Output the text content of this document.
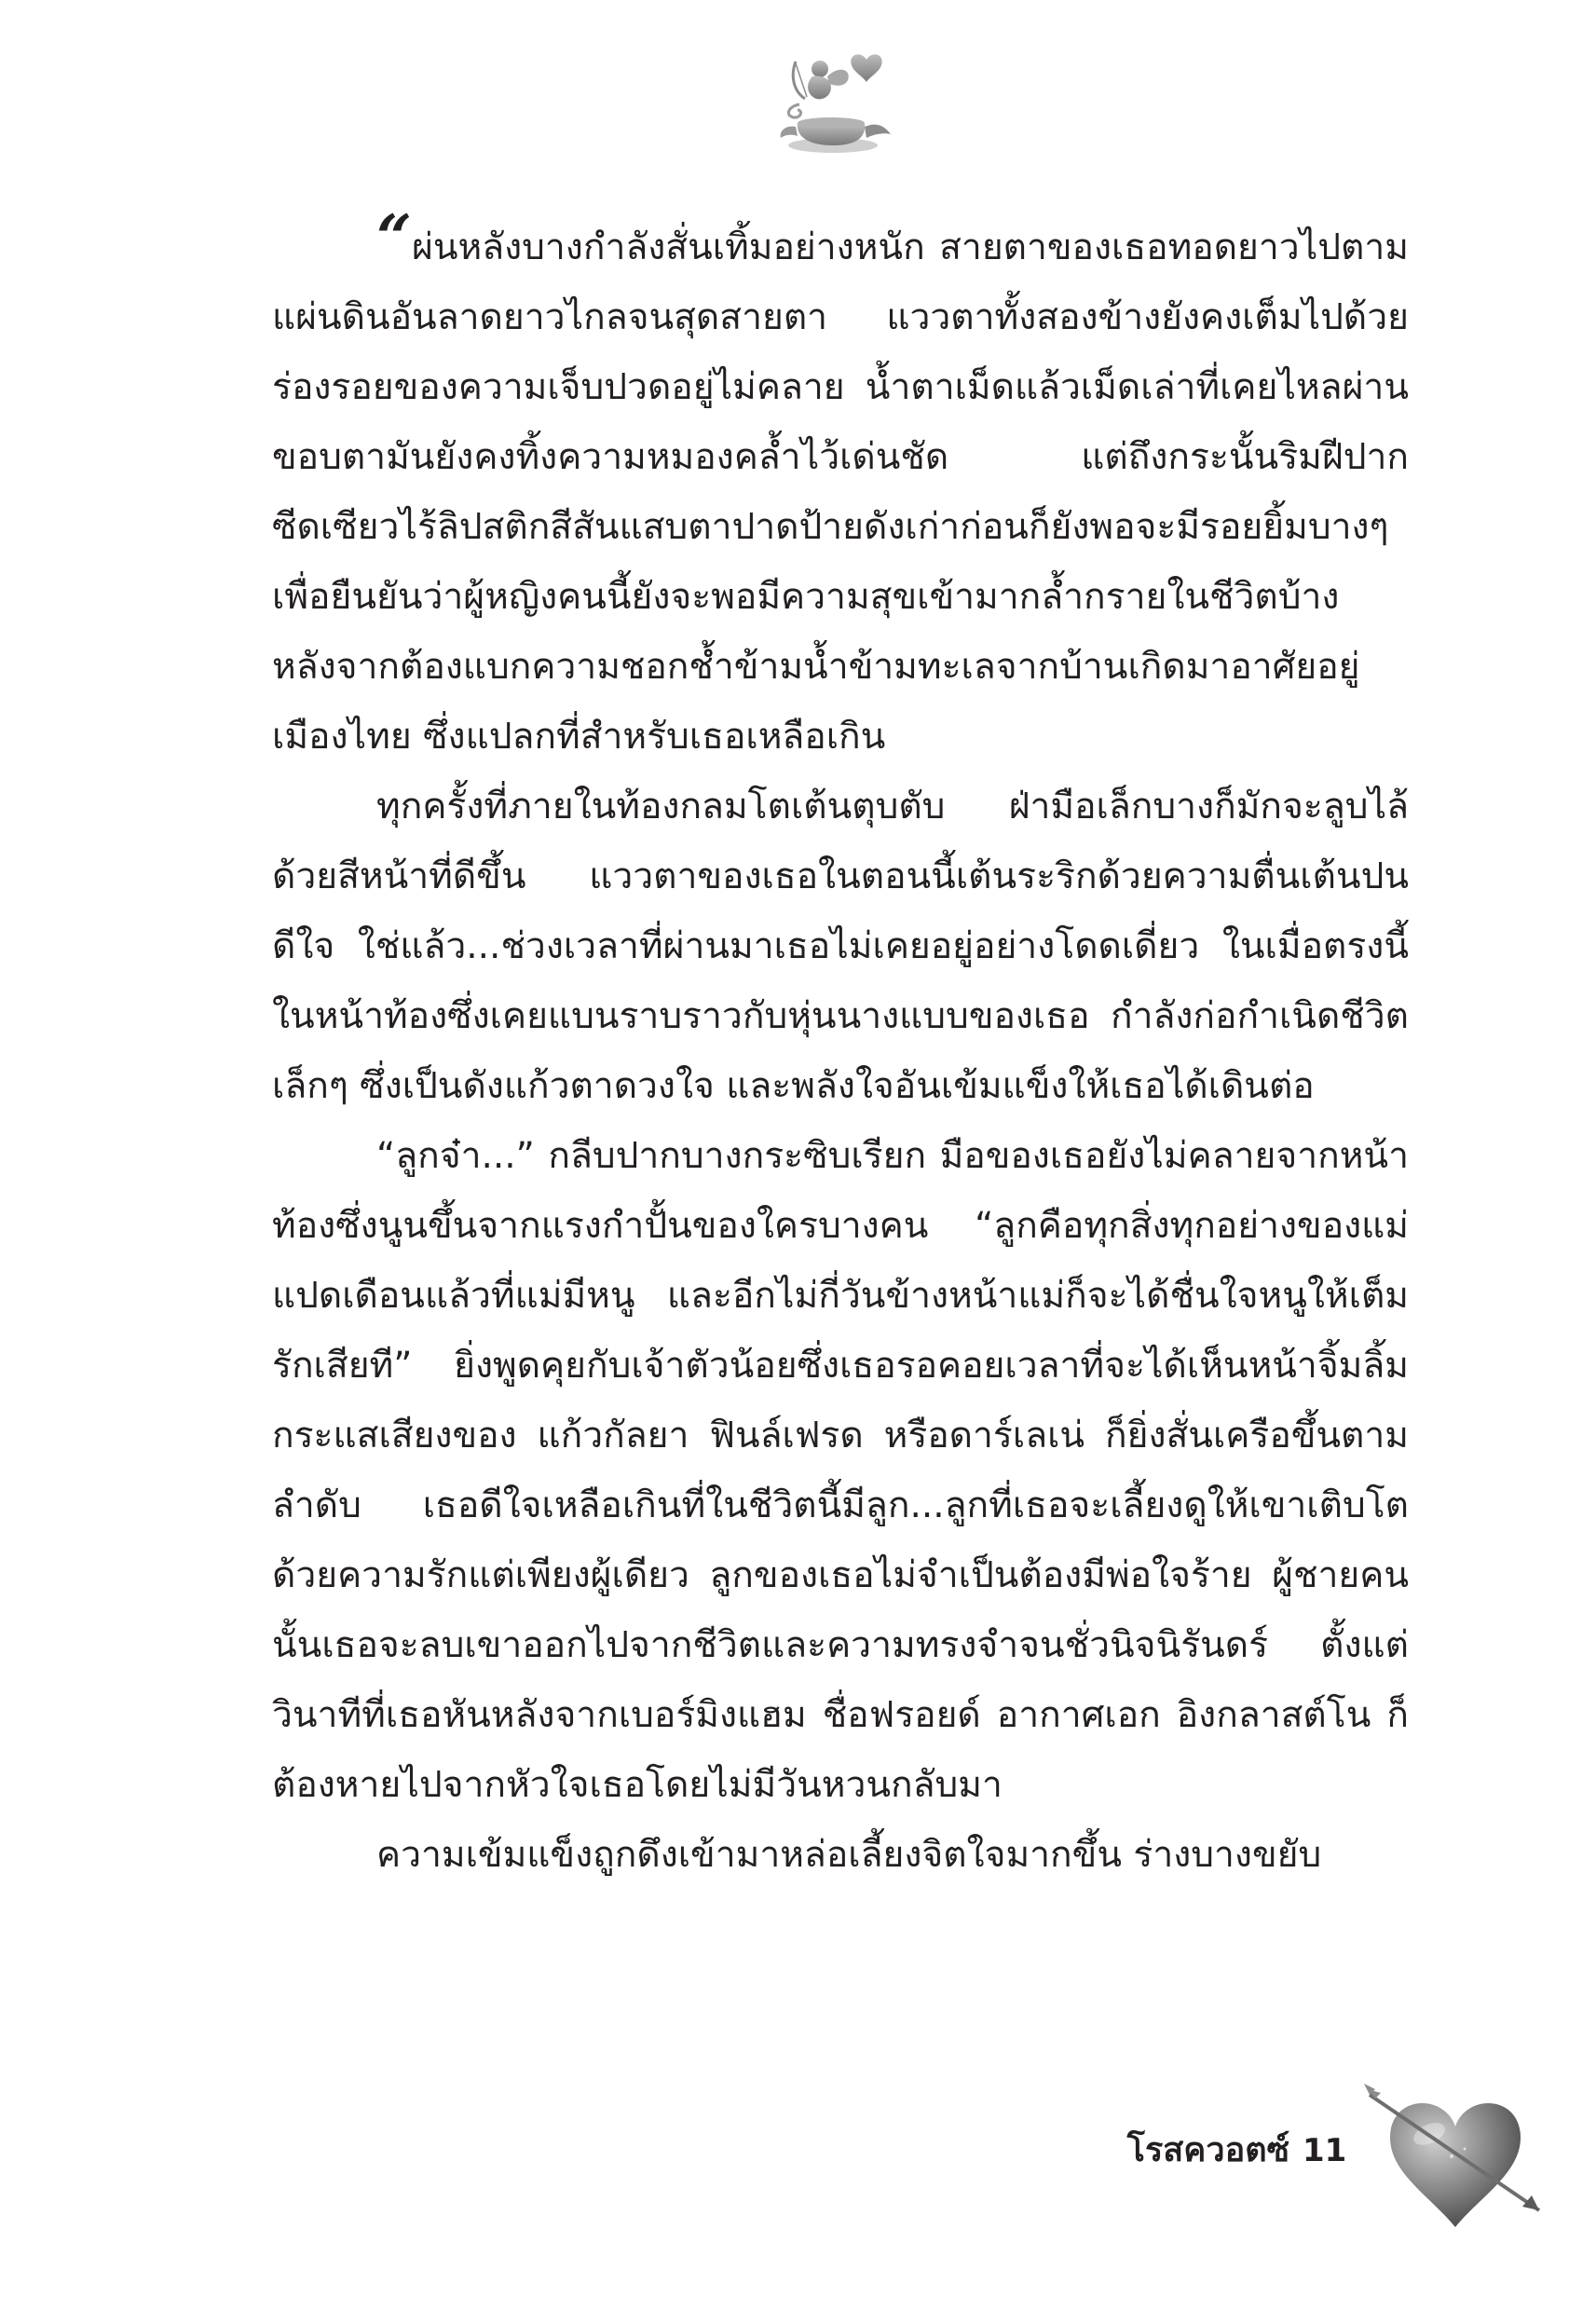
“ผ่นหลังบางกำลังสั่นเทิ้มอย่างหนัก สายตาของเธอทอดยาวไปตามแผ่นดินอันลาดยาวไกลจนสุดสายตา แววตาทั้งสองข้างยังคงเต็มไปด้วยร่องรอยของความเจ็บปวดอยู่ไม่คลาย น้ำตาเม็ดแล้วเม็ดเล่าที่เคยไหลผ่านขอบตามันยังคงทิ้งความหมองคล้ำไว้เด่นชัด แต่ถึงกระนั้นริมฝีปากซีดเซียวไร้ลิปสติกสีสันแสบตาปาดป้ายดังเก่าก่อนก็ยังพอจะมีรอยยิ้มบางๆ เพื่อยืนยันว่าผู้หญิงคนนี้ยังจะพอมีความสุขเข้ามากล้ำกรายในชีวิตบ้าง หลังจากต้องแบกความชอกช้ำข้ามน้ำข้ามทะเลจากบ้านเกิดมาอาศัยอยู่เมืองไทย ซึ่งแปลกที่สำหรับเธอเหลือเกิน

ทุกครั้งที่ภายในท้องกลมโตเต้นตุบตับ ฝ่ามือเล็กบางก็มักจะลูบไล้ด้วยสีหน้าที่ดีขึ้น แววตาของเธอในตอนนี้เต้นระริกด้วยความตื่นเต้นปนดีใจ ใช่แล้ว...ช่วงเวลาที่ผ่านมาเธอไม่เคยอยู่อย่างโดดเดี่ยว ในเมื่อตรงนี้ ในหน้าท้องซึ่งเคยแบนราบราวกับหุ่นนางแบบของเธอ กำลังก่อกำเนิดชีวิตเล็กๆ ซึ่งเป็นดังแก้วตาดวงใจ และพลังใจอันเข้มแข็งให้เธอได้เดินต่อ

“ลูกจ๋า...” กลีบปากบางกระซิบเรียก มือของเธอยังไม่คลายจากหน้าท้องซึ่งนูนขึ้นจากแรงกำปั้นของใครบางคน “ลูกคือทุกสิ่งทุกอย่างของแม่ แปดเดือนแล้วที่แม่มีหนู และอีกไม่กี่วันข้างหน้าแม่ก็จะได้ชื่นใจหนูให้เต็มรักเสียที” ยิ่งพูดคุยกับเจ้าตัวน้อยซึ่งเธอรอคอยเวลาที่จะได้เห็นหน้าจิ้มลิ้ม กระแสเสียงของ แก้วกัลยา ฟินล์เฟรด หรือดาร์เลเน่ ก็ยิ่งสั่นเครือขึ้นตามลำดับ เธอดีใจเหลือเกินที่ในชีวิตนี้มีลูก...ลูกที่เธอจะเลี้ยงดูให้เขาเติบโตด้วยความรักแต่เพียงผู้เดียว ลูกของเธอไม่จำเป็นต้องมีพ่อใจร้าย ผู้ชายคนนั้นเธอจะลบเขาออกไปจากชีวิตและความทรงจำจนชั่วนิจนิรันดร์ ตั้งแต่วินาทีที่เธอหันหลังจากเบอร์มิงแฮม ชื่อฟรอยด์ อากาศเอก อิงกลาสต์โน ก็ต้องหายไปจากหัวใจเธอโดยไม่มีวันหวนกลับมา

ความเข้มแข็งถูกดึงเข้ามาหล่อเลี้ยงจิตใจมากขึ้น ร่างบางขยับ

โรสควอตซ์ 11
